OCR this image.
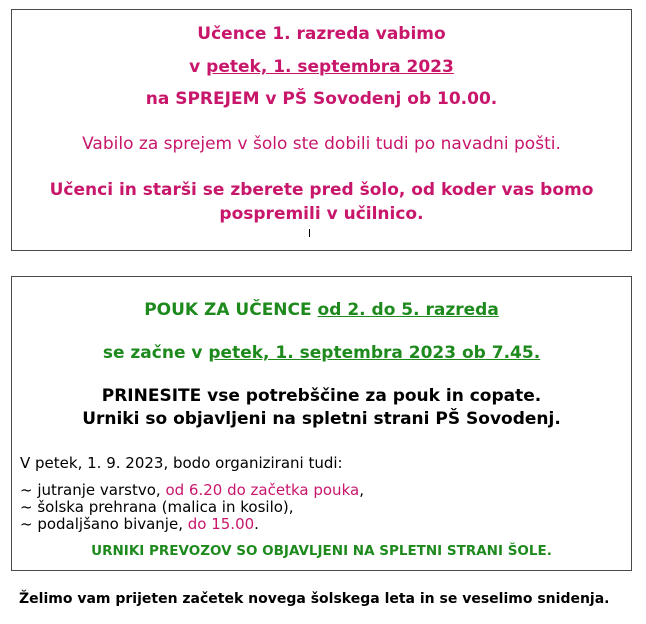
Učence 1. razreda vabimo
v petek, 1. septembra 2023
na SPREJEM v PŠ Sovodenj ob 10.00.
Vabilo za sprejem v šolo ste dobili tudi po navadni pošti.
Učenci in starši se zberete pred šolo, od koder vas bomo
pospremili v učilnico.
POUK ZA UČENCE od 2. do 5. razreda
se začne v petek, 1. septembra 2023 ob 7.45.
PRINESITE vse potrebščine za pouk in copate.
Urniki so objavljeni na spletni strani PŠ Sovodenj.
V petek, 1. 9. 2023, bodo organizirani tudi:
~ jutranje varstvo, od 6.20 do začetka pouka,
~ šolska prehrana (malica in kosilo),
~ podaljšano bivanje, do 15.00.
URNIKI PREVOZOV SO OBJAVLJENI NA SPLETNI STRANI ŠOLE.
Želimo vam prijeten začetek novega šolskega leta in se veselimo snidenja.
